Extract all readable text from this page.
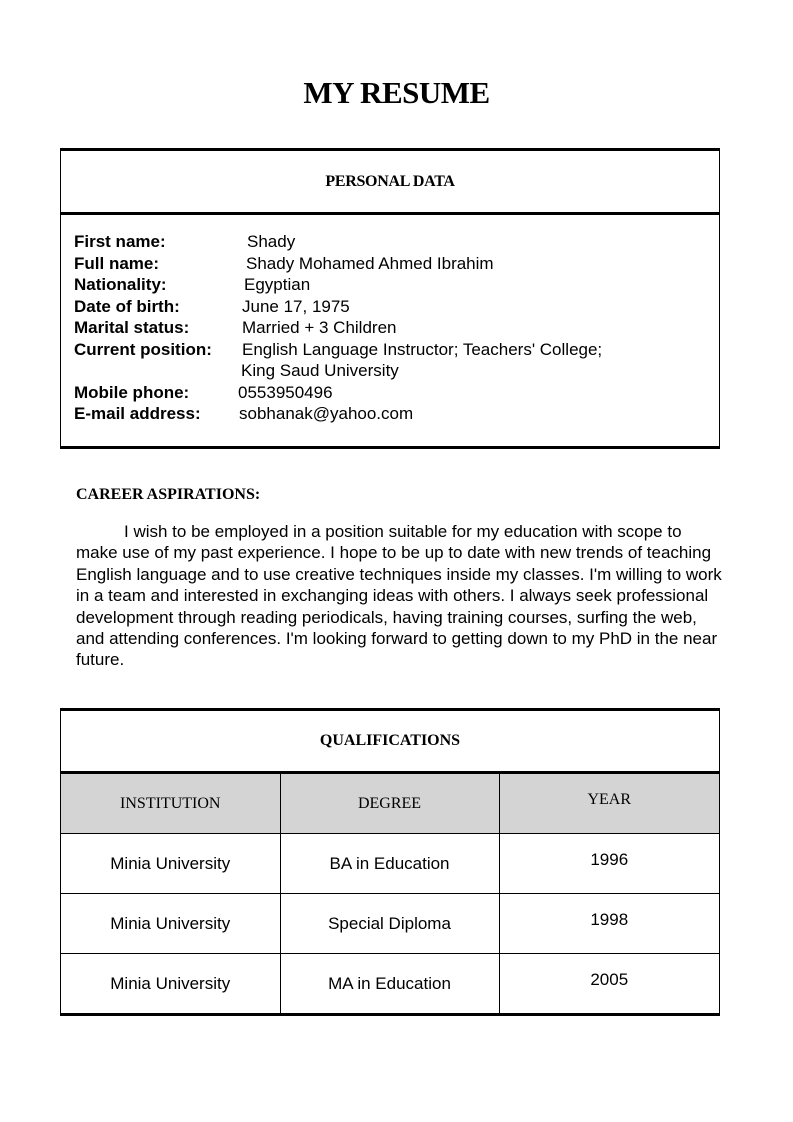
MY RESUME
PERSONAL DATA
First name:	Shady
Full name:	Shady Mohamed Ahmed Ibrahim
Nationality:	Egyptian
Date of birth:	June 17, 1975
Marital status:	Married + 3 Children
Current position:	English Language Instructor; Teachers' College;
King Saud University
Mobile phone:	0553950496
E-mail address:	sobhanak@yahoo.com
CAREER ASPIRATIONS:
I wish to be employed in a position suitable for my education with scope to make use of my past experience. I hope to be up to date with new trends of teaching English language and to use creative techniques inside my classes. I'm willing to work in a team and interested in exchanging ideas with others. I always seek professional development through reading periodicals, having training courses, surfing the web, and attending conferences. I'm looking forward to getting down to my PhD in the near future.
QUALIFICATIONS
INSTITUTION	DEGREE	YEAR
Minia University	BA in Education	1996
Minia University	Special Diploma	1998
Minia University	MA in Education	2005
